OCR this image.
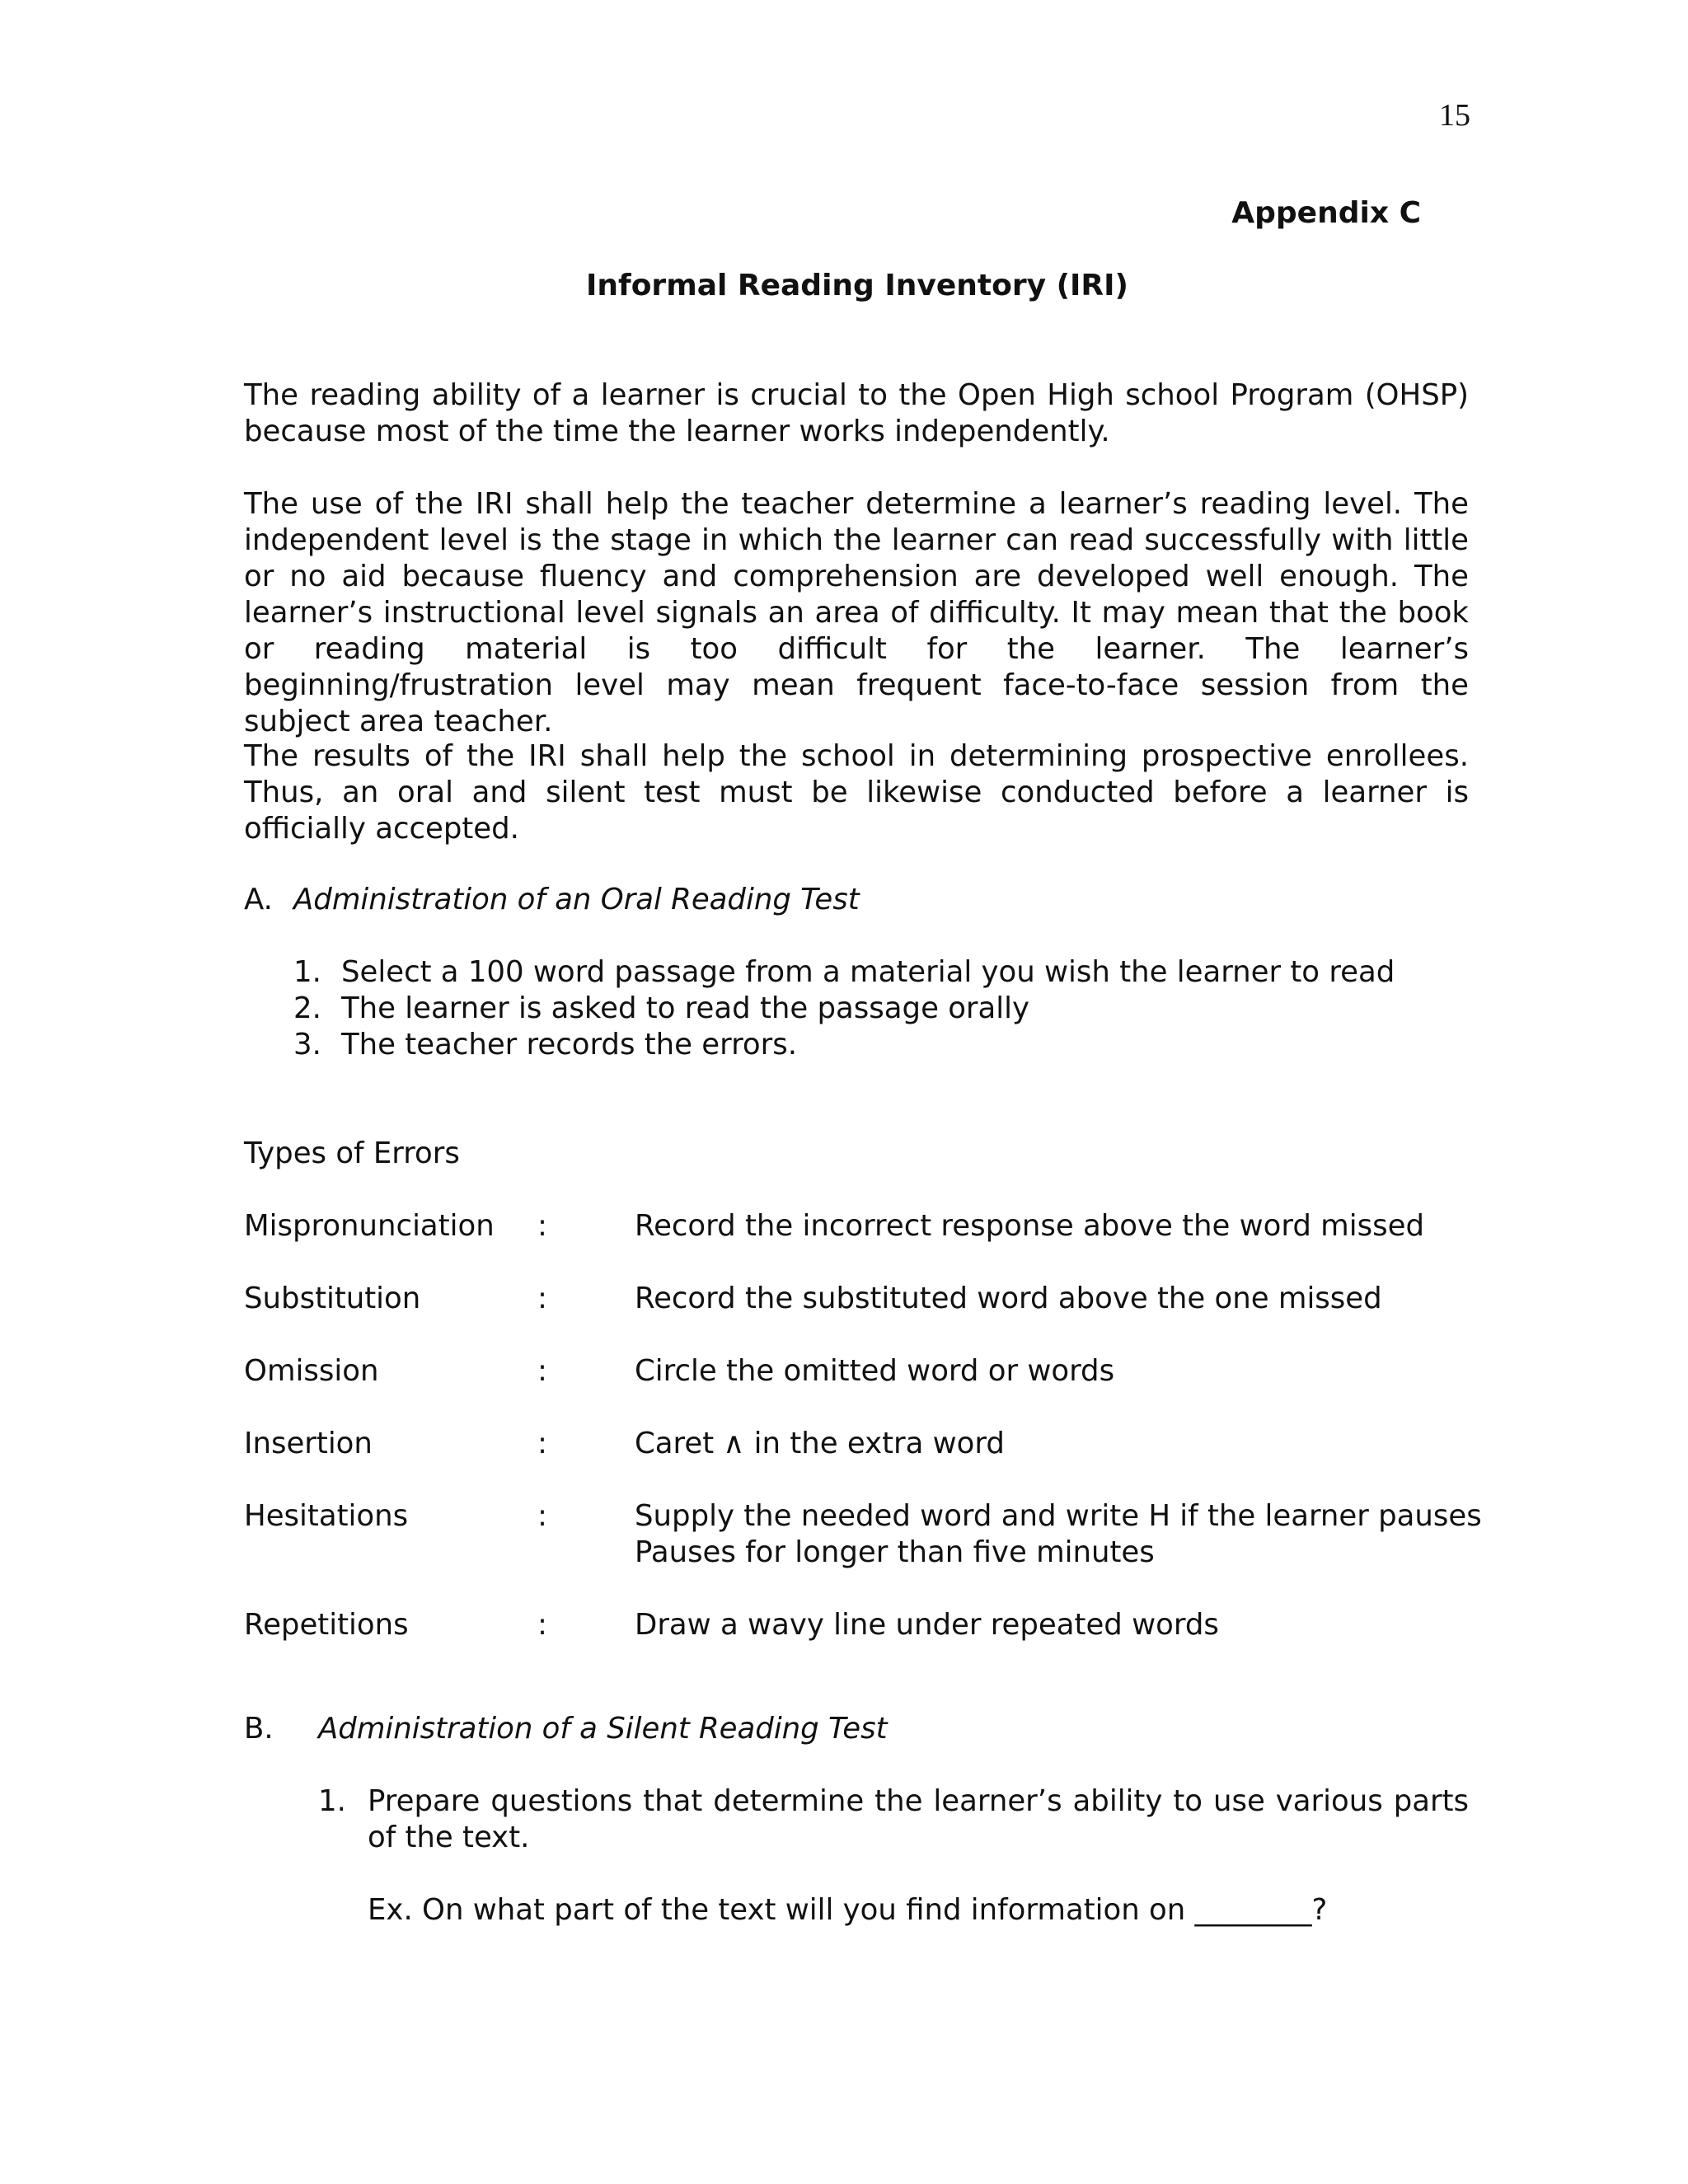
15
Appendix C
Informal Reading Inventory (IRI)

The reading ability of a learner is crucial to the Open High school Program (OHSP) because most of the time the learner works independently.

The use of the IRI shall help the teacher determine a learner’s reading level. The independent level is the stage in which the learner can read successfully with little or no aid because fluency and comprehension are developed well enough. The learner’s instructional level signals an area of difficulty. It may mean that the book or reading material is too difficult for the learner. The learner’s beginning/frustration level may mean frequent face-to-face session from the subject area teacher.

The results of the IRI shall help the school in determining prospective enrollees. Thus, an oral and silent test must be likewise conducted before a learner is officially accepted.

A. Administration of an Oral Reading Test
1. Select a 100 word passage from a material you wish the learner to read
2. The learner is asked to read the passage orally
3. The teacher records the errors.
Types of Errors
Mispronunciation :	Record the incorrect response above the word missed
Substitution	:	Record the substituted word above the one missed
Omission	:	Circle the omitted word or words
Insertion	:	Caret ∧ in the extra word
Hesitations	:	Supply the needed word and write H if the learner pauses
Pauses for longer than five minutes
Repetitions	:	Draw a wavy line under repeated words
B. Administration of a Silent Reading Test
1. Prepare questions that determine the learner’s ability to use various parts of the text.
Ex. On what part of the text will you find information on ________?
